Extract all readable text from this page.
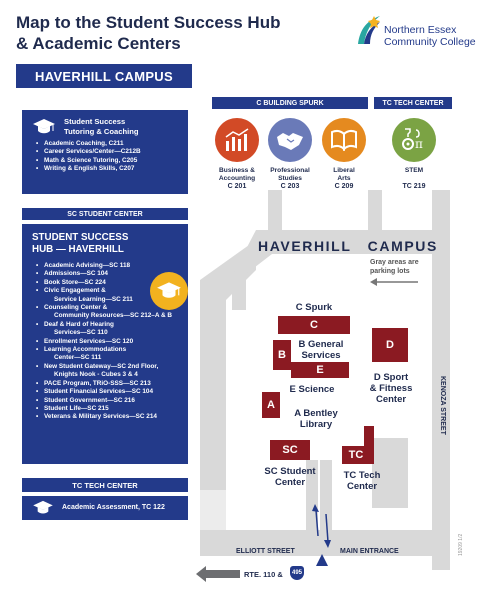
Map to the Student Success Hub
& Academic Centers
Northern Essex
Community College
HAVERHILL CAMPUS
Student Success
Tutoring & Coaching
• Academic Coaching, C211
• Career Services/Center—C212B
• Math & Science Tutoring, C205
• Writing & English Skills, C207
SC STUDENT CENTER
STUDENT SUCCESS
HUB — HAVERHILL
• Academic Advising—SC 118
• Admissions—SC 104
• Book Store—SC 224
• Civic Engagement &
Service Learning—SC 211
• Counseling Center &
Community Resources—SC 212–A & B
• Deaf & Hard of Hearing
Services—SC 110
• Enrollment Services—SC 120
• Learning Accommodations
Center—SC 111
• New Student Gateway—SC 2nd Floor,
Knights Nook - Cubes 3 & 4
• PACE Program, TRiO-SSS—SC 213
• Student Financial Services—SC 104
• Student Government—SC 216
• Student Life—SC 215
• Veterans & Military Services—SC 214
TC TECH CENTER
Academic Assessment, TC 122
C BUILDING SPURK	TC TECH CENTER
Business &
Accounting
C 201
Professional
Studies
C 203
Liberal
Arts
C 209
π
STEM
TC 219
HAVERHILL   CAMPUS
Gray areas are
parking lots
C Spurk
C
B
B General
Services
E
E Science
D
D Sport
& Fitness
Center
A
A Bentley
Library
SC
SC Student
Center
TC
TC Tech
Center
KENOZA STREET
ELLIOTT STREET	MAIN ENTRANCE
RTE. 110 & 495
19209 1/2
